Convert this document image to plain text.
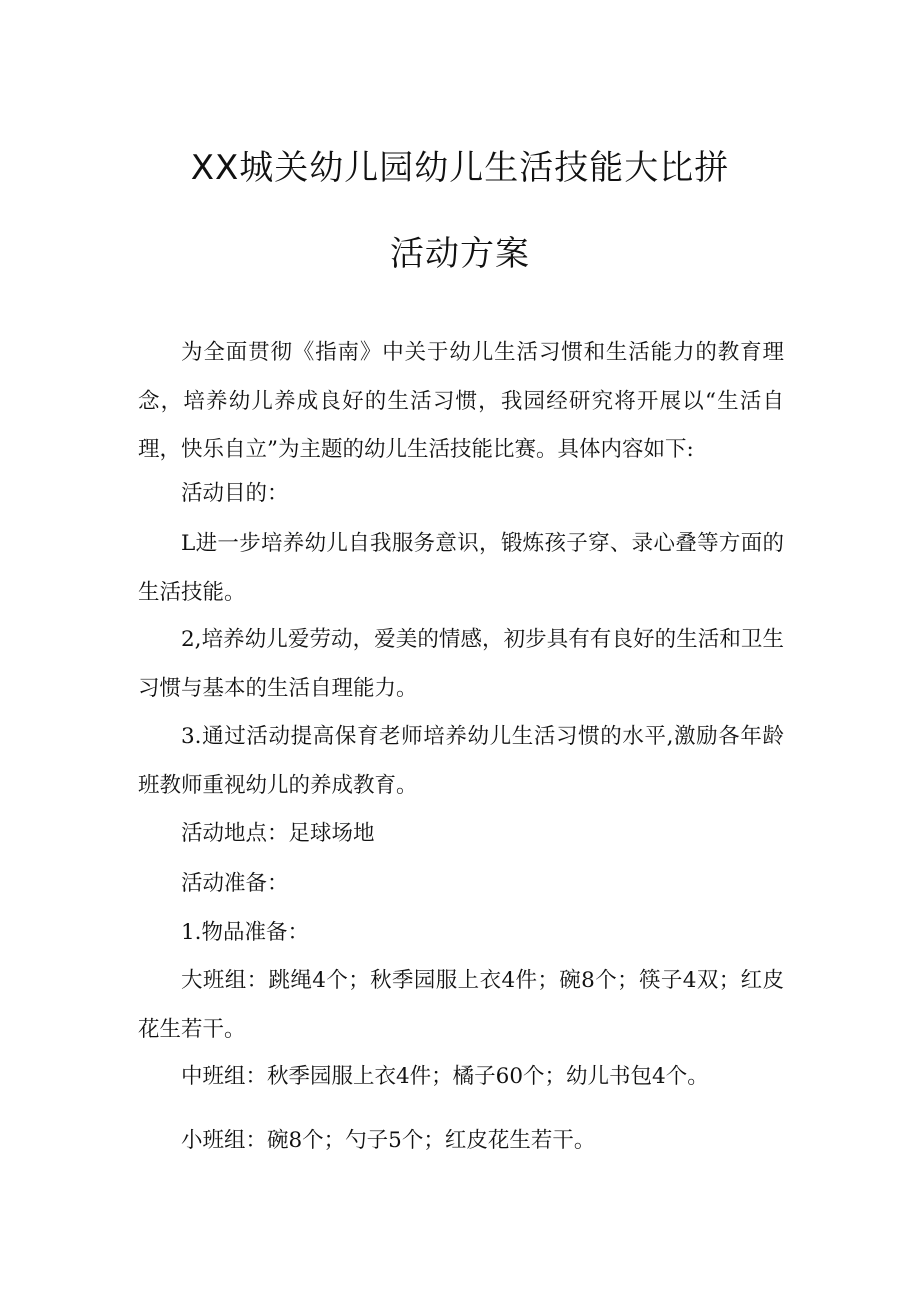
XX城关幼儿园幼儿生活技能大比拼
活动方案

为全面贯彻《指南》中关于幼儿生活习惯和生活能力的教育理念，培养幼儿养成良好的生活习惯，我园经研究将开展以“生活自理，快乐自立”为主题的幼儿生活技能比赛。具体内容如下:

活动目的：

L进一步培养幼儿自我服务意识，锻炼孩子穿、录心叠等方面的生活技能。

2,培养幼儿爱劳动，爱美的情感，初步具有有良好的生活和卫生习惯与基本的生活自理能力。

3.通过活动提高保育老师培养幼儿生活习惯的水平,激励各年龄班教师重视幼儿的养成教育。

活动地点：足球场地

活动准备：

1.物品准备：

大班组：跳绳4个；秋季园服上衣4件；碗8个；筷子4双；红皮花生若干。

中班组：秋季园服上衣4件；橘子60个；幼儿书包4个。

小班组：碗8个；勺子5个；红皮花生若干。
